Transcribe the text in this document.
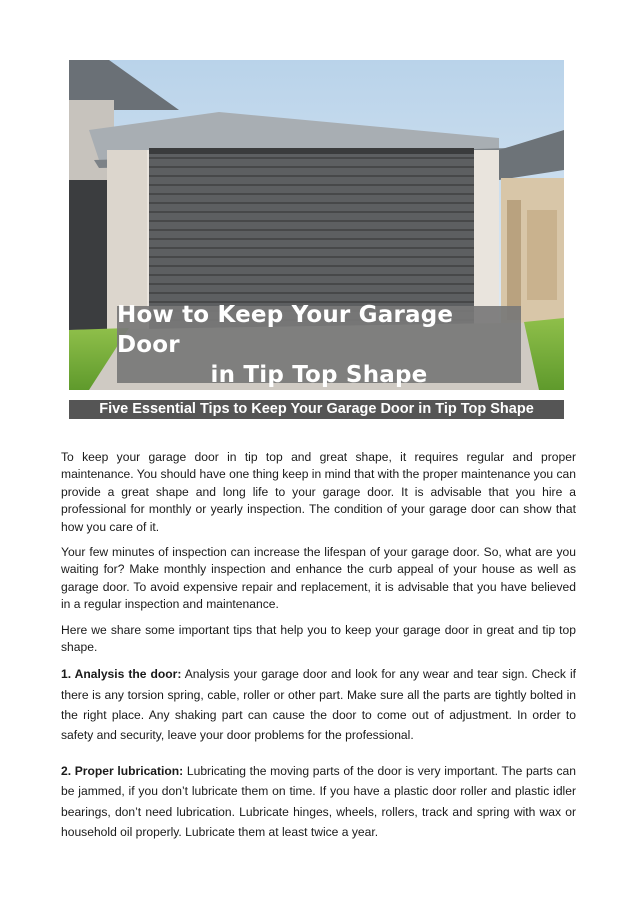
How to Keep Your Garage Door
in Tip Top Shape
Five Essential Tips to Keep Your Garage Door in Tip Top Shape

To keep your garage door in tip top and great shape, it requires regular and proper maintenance. You should have one thing keep in mind that with the proper maintenance you can provide a great shape and long life to your garage door. It is advisable that you hire a professional for monthly or yearly inspection. The condition of your garage door can show that how you care of it.

Your few minutes of inspection can increase the lifespan of your garage door. So, what are you waiting for? Make monthly inspection and enhance the curb appeal of your house as well as garage door. To avoid expensive repair and replacement, it is advisable that you have believed in a regular inspection and maintenance.

Here we share some important tips that help you to keep your garage door in great and tip top shape.

1. Analysis the door: Analysis your garage door and look for any wear and tear sign. Check if there is any torsion spring, cable, roller or other part. Make sure all the parts are tightly bolted in the right place. Any shaking part can cause the door to come out of adjustment. In order to safety and security, leave your door problems for the professional.

2. Proper lubrication: Lubricating the moving parts of the door is very important. The parts can be jammed, if you don’t lubricate them on time. If you have a plastic door roller and plastic idler bearings, don’t need lubrication. Lubricate hinges, wheels, rollers, track and spring with wax or household oil properly. Lubricate them at least twice a year.
